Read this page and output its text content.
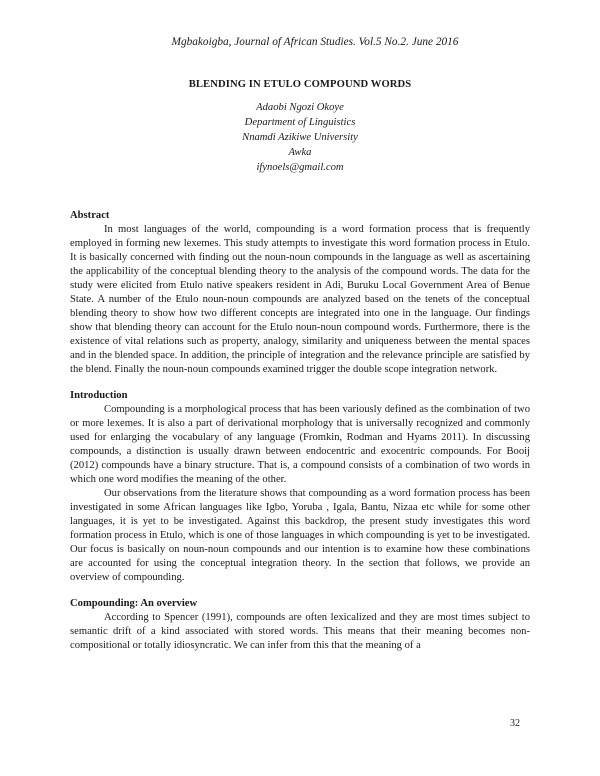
Mgbakoigba, Journal of African Studies. Vol.5 No.2. June 2016
BLENDING IN ETULO COMPOUND WORDS
Adaobi Ngozi Okoye
Department of Linguistics
Nnamdi Azikiwe University
Awka
ifynoels@gmail.com
Abstract

In most languages of the world, compounding is a word formation process that is frequently employed in forming new lexemes. This study attempts to investigate this word formation process in Etulo. It is basically concerned with finding out the noun-noun compounds in the language as well as ascertaining the applicability of the conceptual blending theory to the analysis of the compound words. The data for the study were elicited from Etulo native speakers resident in Adi, Buruku Local Government Area of Benue State. A number of the Etulo noun-noun compounds are analyzed based on the tenets of the conceptual blending theory to show how two different concepts are integrated into one in the language. Our findings show that blending theory can account for the Etulo noun-noun compound words. Furthermore, there is the existence of vital relations such as property, analogy, similarity and uniqueness between the mental spaces and in the blended space. In addition, the principle of integration and the relevance principle are satisfied by the blend. Finally the noun-noun compounds examined trigger the double scope integration network.

Introduction

Compounding is a morphological process that has been variously defined as the combination of two or more lexemes. It is also a part of derivational morphology that is universally recognized and commonly used for enlarging the vocabulary of any language (Fromkin, Rodman and Hyams 2011). In discussing compounds, a distinction is usually drawn between endocentric and exocentric compounds. For Booij (2012) compounds have a binary structure. That is, a compound consists of a combination of two words in which one word modifies the meaning of the other.

Our observations from the literature shows that compounding as a word formation process has been investigated in some African languages like Igbo, Yoruba , Igala, Bantu, Nizaa etc while for some other languages, it is yet to be investigated. Against this backdrop, the present study investigates this word formation process in Etulo, which is one of those languages in which compounding is yet to be investigated. Our focus is basically on noun-noun compounds and our intention is to examine how these combinations are accounted for using the conceptual integration theory. In the section that follows, we provide an overview of compounding.

Compounding: An overview

According to Spencer (1991), compounds are often lexicalized and they are most times subject to semantic drift of a kind associated with stored words. This means that their meaning becomes non-compositional or totally idiosyncratic. We can infer from this that the meaning of a

32
